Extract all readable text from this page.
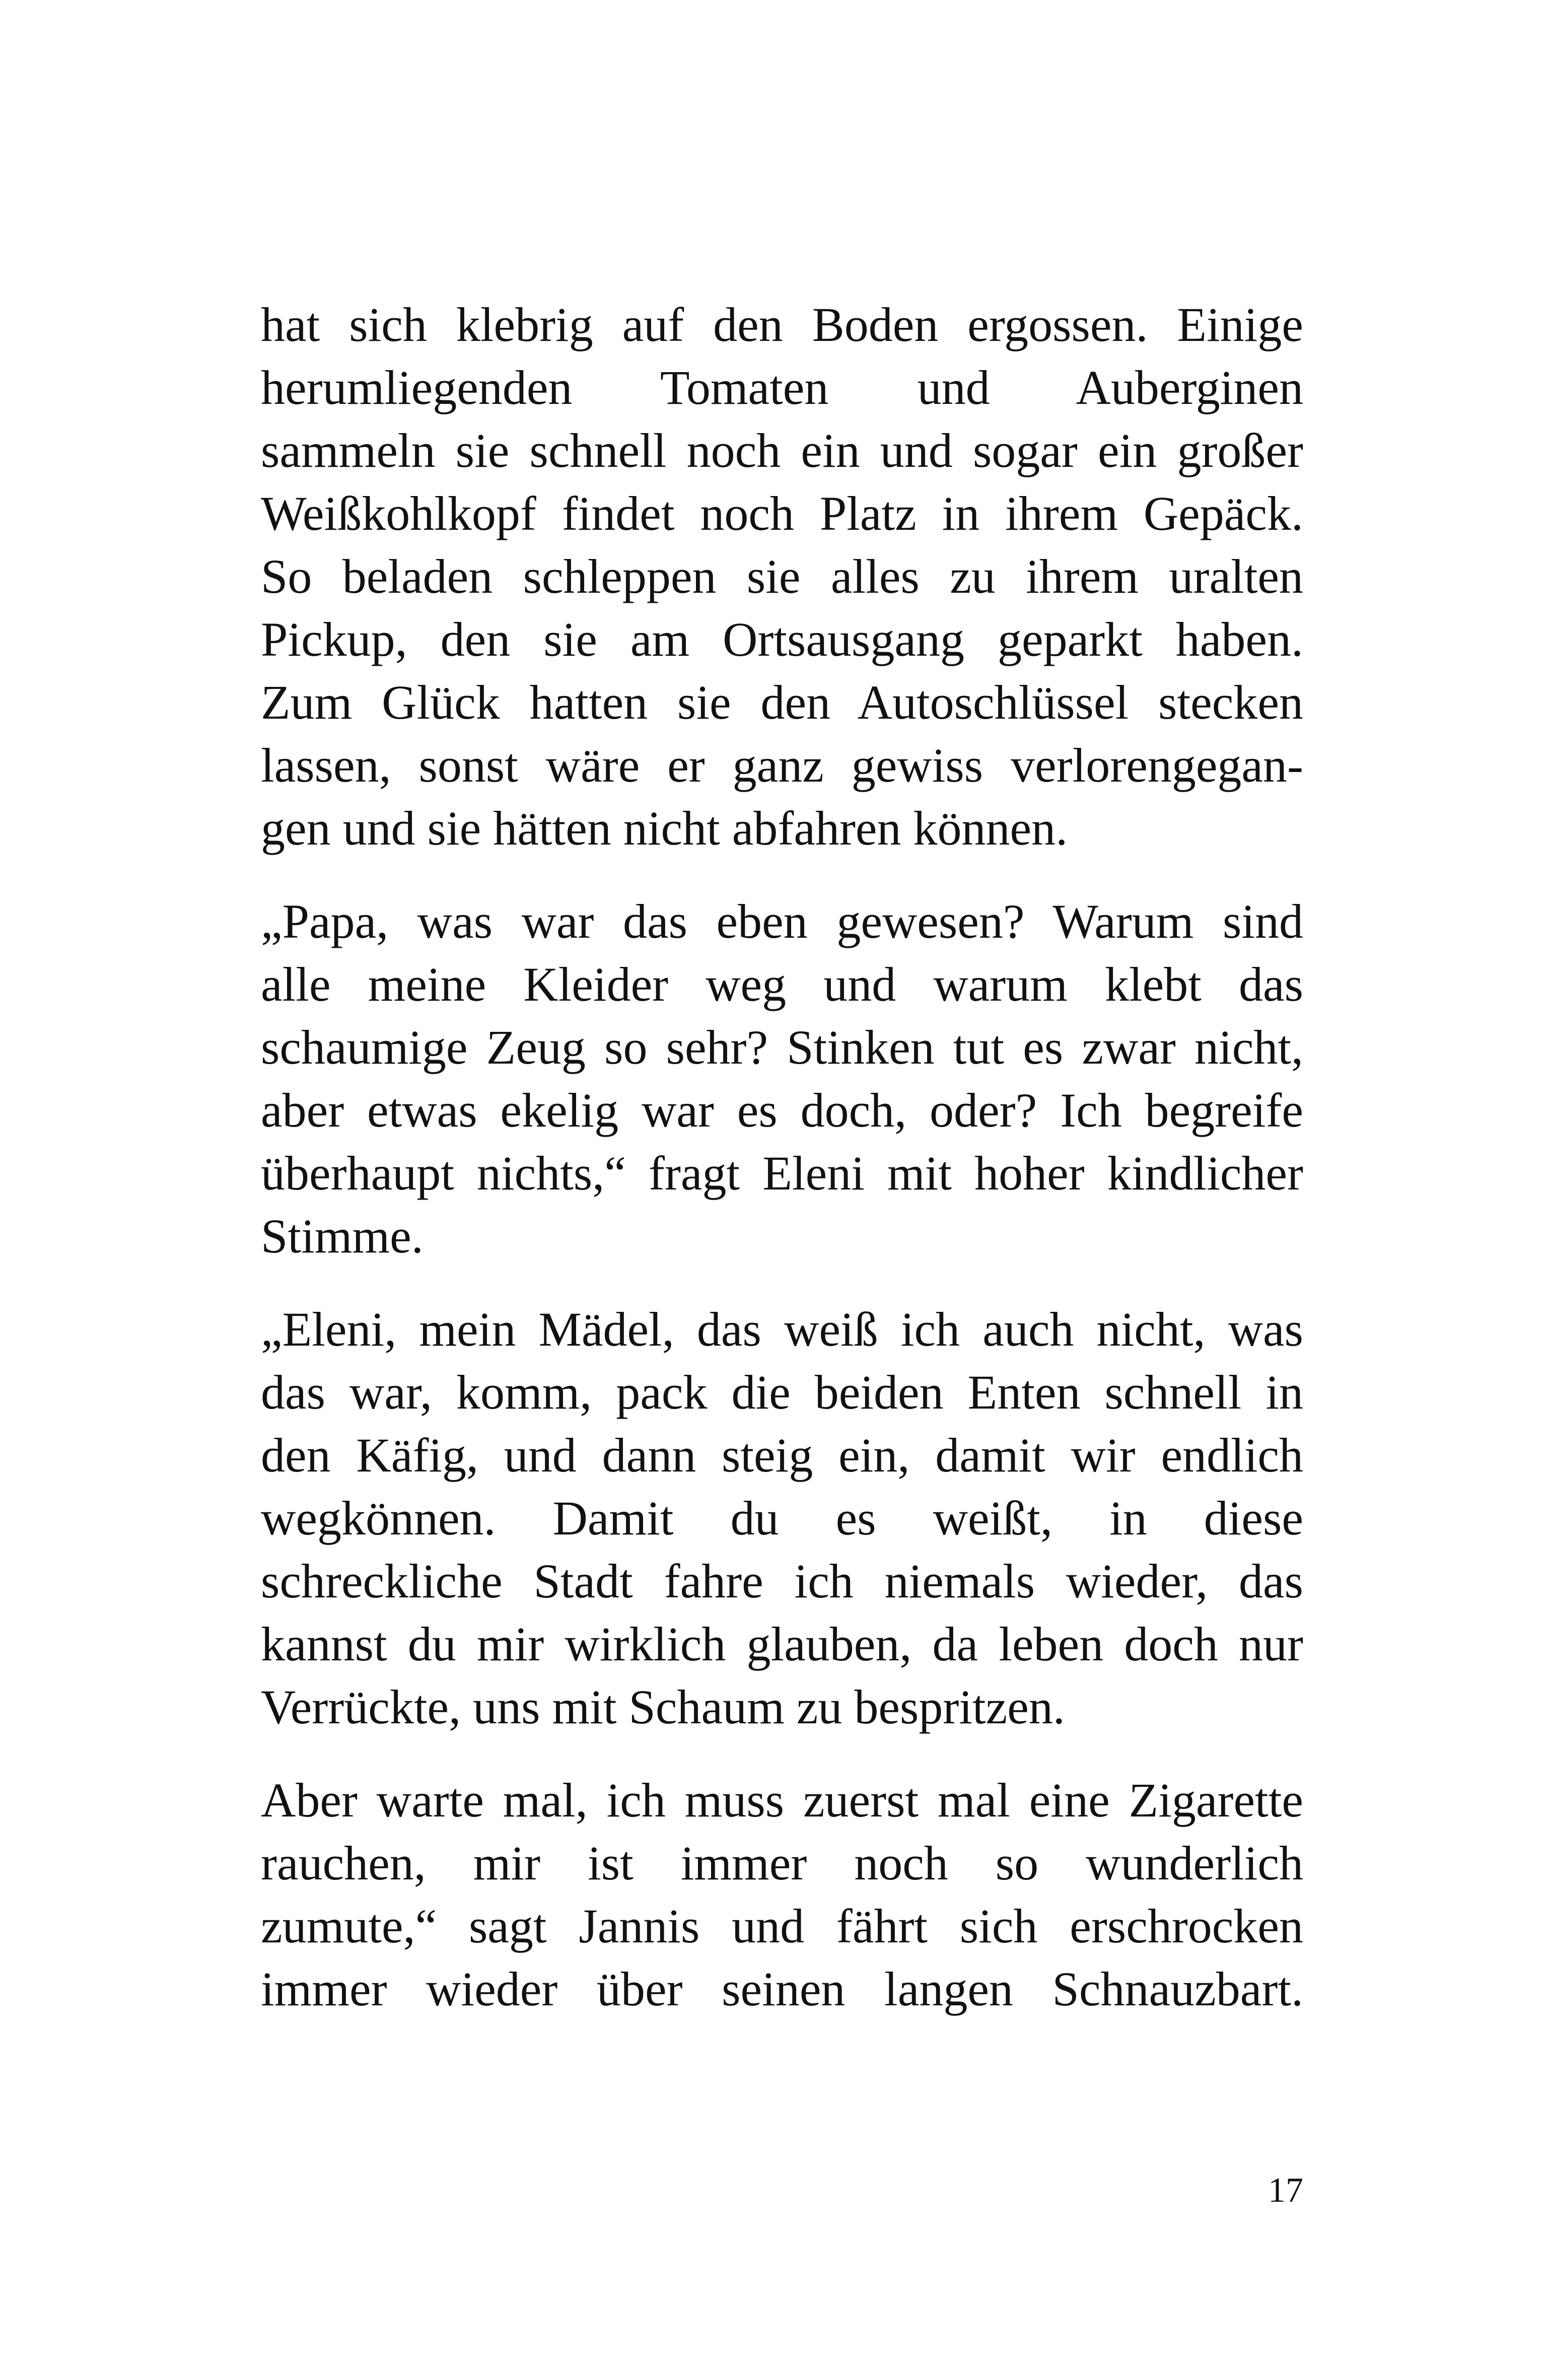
hat sich klebrig auf den Boden ergossen. Einige
herumliegenden Tomaten und Auberginen
sammeln sie schnell noch ein und sogar ein großer
Weißkohlkopf findet noch Platz in ihrem Gepäck.
So beladen schleppen sie alles zu ihrem uralten
Pickup, den sie am Ortsausgang geparkt haben.
Zum Glück hatten sie den Autoschlüssel stecken
lassen, sonst wäre er ganz gewiss verlorengegan-
gen und sie hätten nicht abfahren können.
„Papa, was war das eben gewesen? Warum sind
alle meine Kleider weg und warum klebt das
schaumige Zeug so sehr? Stinken tut es zwar nicht,
aber etwas ekelig war es doch, oder? Ich begreife
überhaupt nichts,“ fragt Eleni mit hoher kindlicher
Stimme.
„Eleni, mein Mädel, das weiß ich auch nicht, was
das war, komm, pack die beiden Enten schnell in
den Käfig, und dann steig ein, damit wir endlich
wegkönnen. Damit du es weißt, in diese
schreckliche Stadt fahre ich niemals wieder, das
kannst du mir wirklich glauben, da leben doch nur
Verrückte, uns mit Schaum zu bespritzen.
Aber warte mal, ich muss zuerst mal eine Zigarette
rauchen, mir ist immer noch so wunderlich
zumute,“ sagt Jannis und fährt sich erschrocken
immer wieder über seinen langen Schnauzbart.
17
